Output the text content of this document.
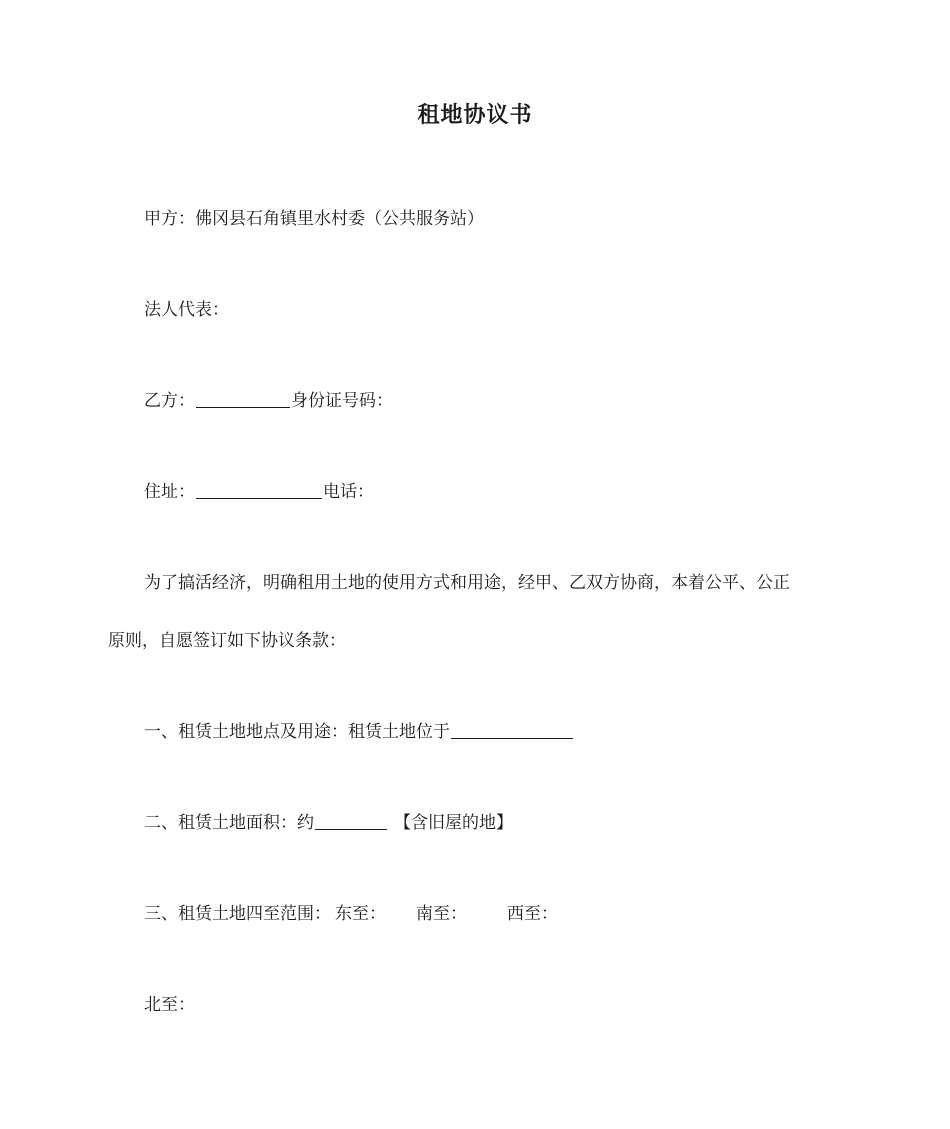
租地协议书
甲方：佛冈县石角镇里水村委（公共服务站）
法人代表：
乙方：	身份证号码：
住址：	电话：
为了搞活经济，明确租用土地的使用方式和用途，经甲、乙双方协商，本着公平、公正
原则，自愿签订如下协议条款：
一、租赁土地地点及用途：租赁土地位于
二、租赁土地面积：约	【含旧屋的地】
三、租赁土地四至范围： 东至： 南至： 西至：
北至：
